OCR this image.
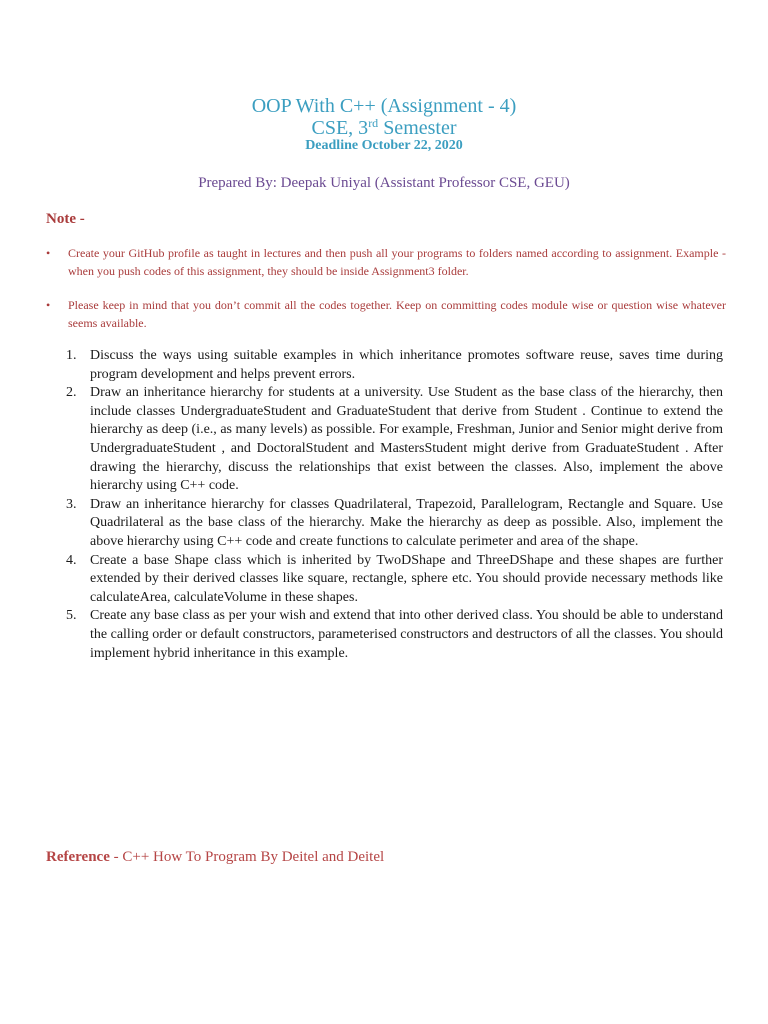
OOP With C++ (Assignment - 4)
CSE, 3rd Semester
Deadline October 22, 2020
Prepared By: Deepak Uniyal (Assistant Professor CSE, GEU)
Note -
• Create your GitHub profile as taught in lectures and then push all your programs to folders named according to assignment. Example - when you push codes of this assignment, they should be inside Assignment3 folder.
• Please keep in mind that you don’t commit all the codes together. Keep on committing codes module wise or question wise whatever seems available.
1. Discuss the ways using suitable examples in which inheritance promotes software reuse, saves time during program development and helps prevent errors.
2. Draw an inheritance hierarchy for students at a university. Use Student as the base class of the hierarchy, then include classes UndergraduateStudent and GraduateStudent that derive from Student . Continue to extend the hierarchy as deep (i.e., as many levels) as possible. For example, Freshman, Junior and Senior might derive from UndergraduateStudent , and DoctoralStudent and MastersStudent might derive from GraduateStudent . After drawing the hierarchy, discuss the relationships that exist between the classes. Also, implement the above hierarchy using C++ code.
3. Draw an inheritance hierarchy for classes Quadrilateral, Trapezoid, Parallelogram, Rectangle and Square. Use Quadrilateral as the base class of the hierarchy. Make the hierarchy as deep as possible. Also, implement the above hierarchy using C++ code and create functions to calculate perimeter and area of the shape.
4. Create a base Shape class which is inherited by TwoDShape and ThreeDShape and these shapes are further extended by their derived classes like square, rectangle, sphere etc. You should provide necessary methods like calculateArea, calculateVolume in these shapes.
5. Create any base class as per your wish and extend that into other derived class. You should be able to understand the calling order or default constructors, parameterised constructors and destructors of all the classes. You should implement hybrid inheritance in this example.
Reference - C++ How To Program By Deitel and Deitel
